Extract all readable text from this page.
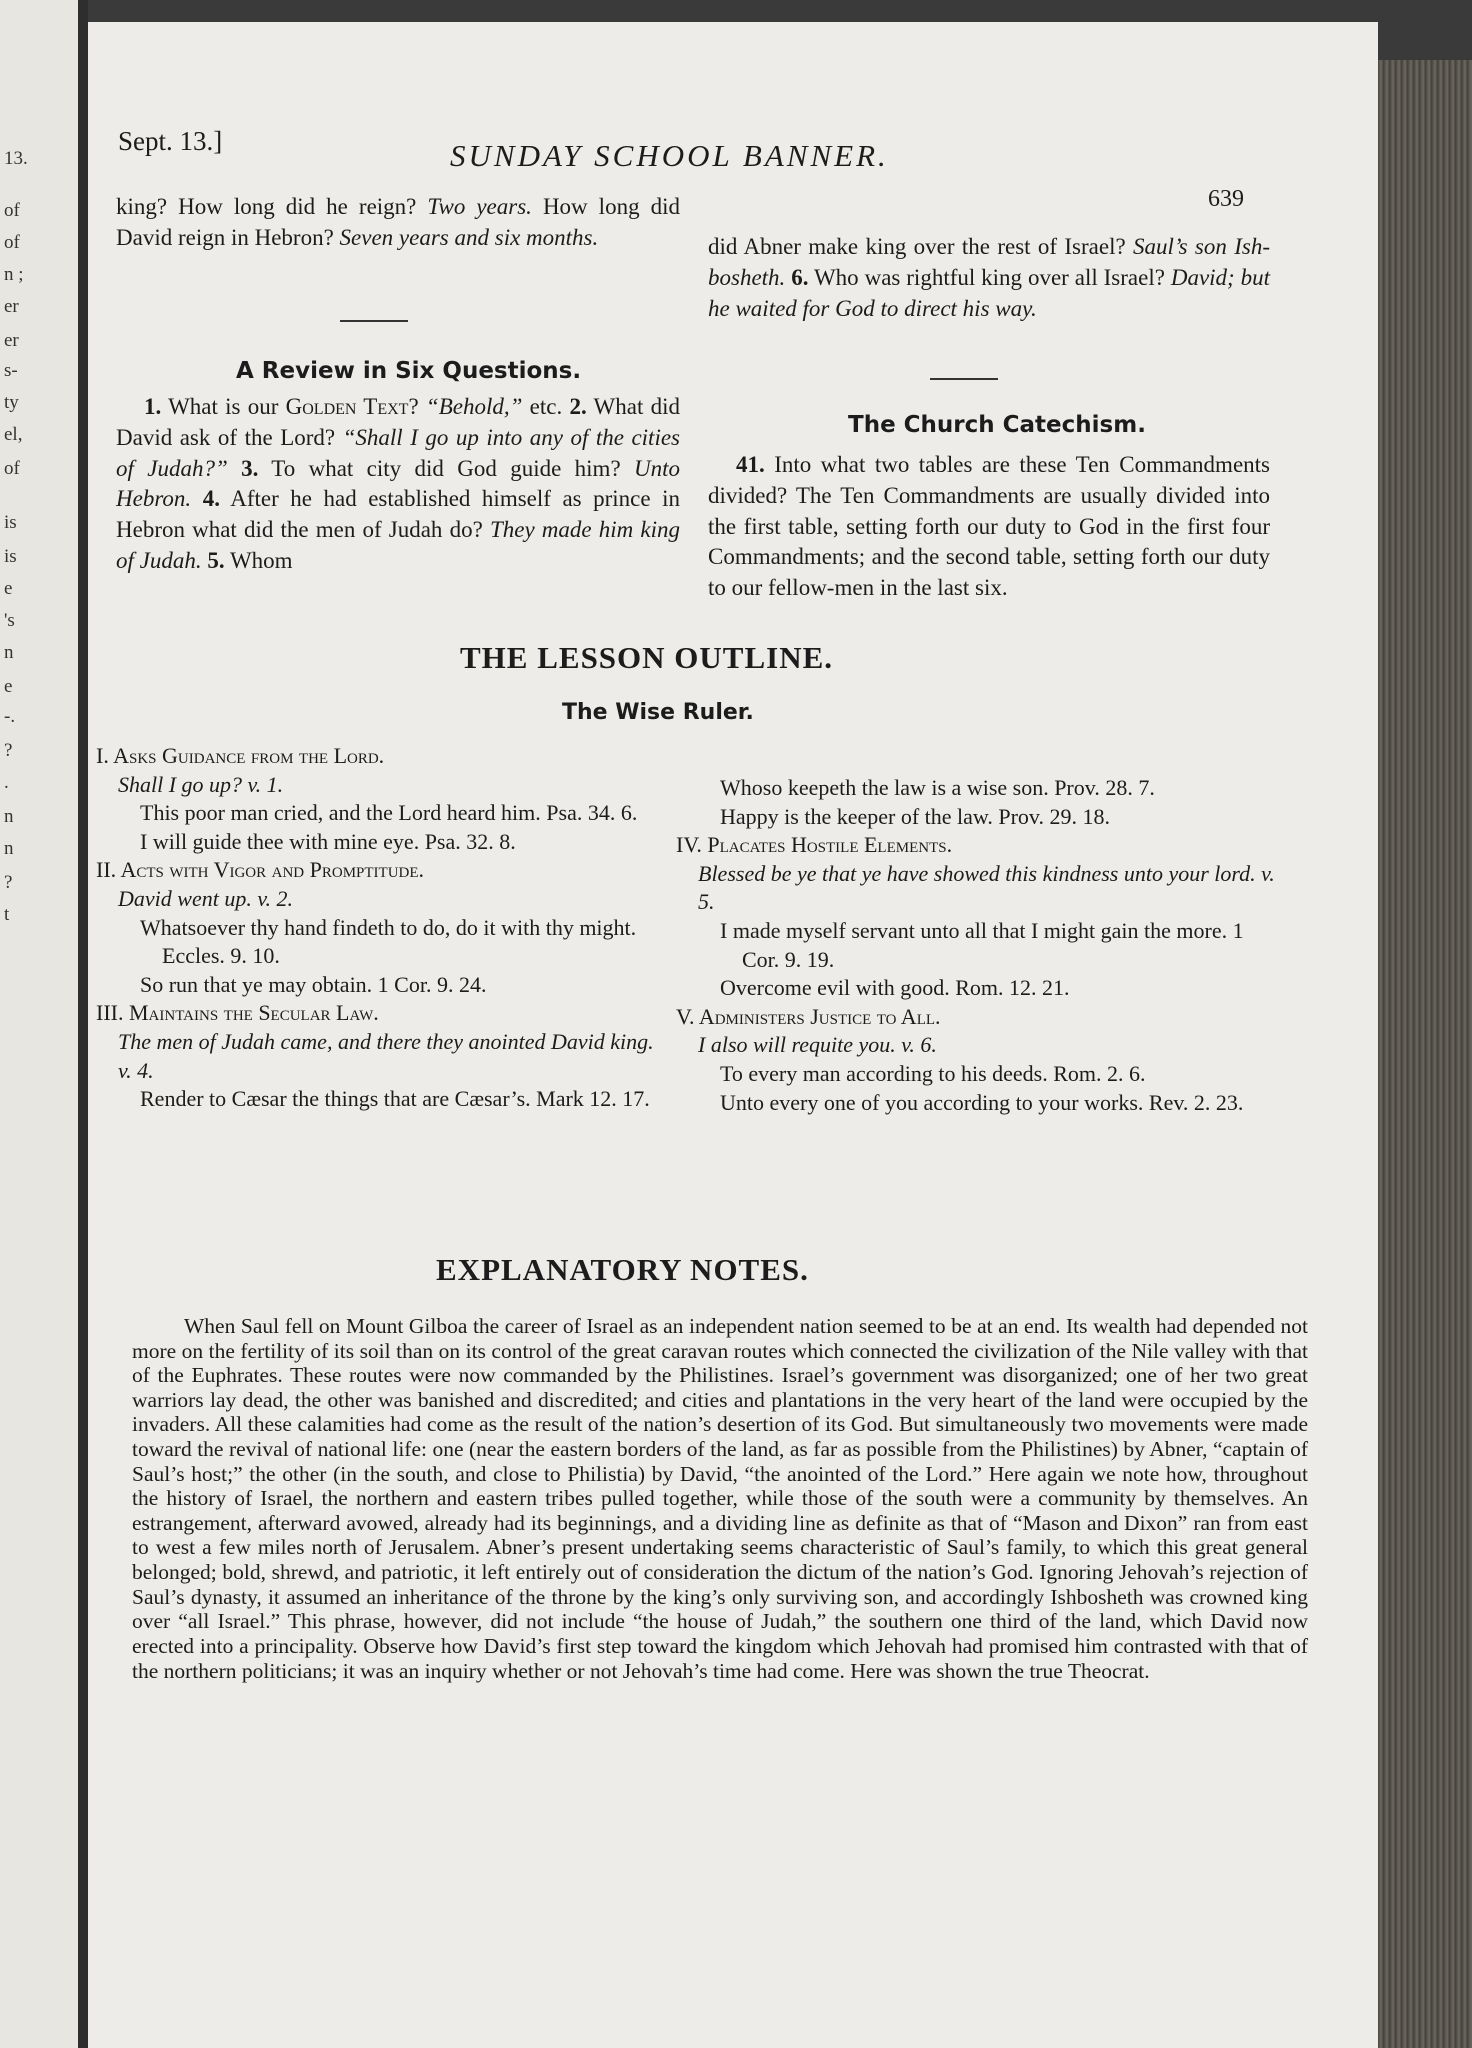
13.
of
of
n ;
er
er
s-
ty
el,
of
is
is
e
's
n
e
-.
?
.
n
n
?
t
Sept. 13.]	SUNDAY SCHOOL BANNER.
639

king? How long did he reign? Two years. How long did David reign in Hebron? Seven years and six months.

A Review in Six Questions.

1. What is our Golden Text? “Behold,” etc. 2. What did David ask of the Lord? “Shall I go up into any of the cities of Judah?” 3. To what city did God guide him? Unto Hebron. 4. After he had established himself as prince in Hebron what did the men of Judah do? They made him king of Judah. 5. Whom

did Abner make king over the rest of Israel? Saul’s son Ish-bosheth. 6. Who was rightful king over all Israel? David; but he waited for God to direct his way.

The Church Catechism.

41. Into what two tables are these Ten Commandments divided? The Ten Commandments are usually divided into the first table, setting forth our duty to God in the first four Commandments; and the second table, setting forth our duty to our fellow-men in the last six.

THE LESSON OUTLINE.
The Wise Ruler.

I. Asks Guidance from the Lord.

Shall I go up? v. 1.

This poor man cried, and the Lord heard him. Psa. 34. 6.

I will guide thee with mine eye. Psa. 32. 8.

II. Acts with Vigor and Promptitude.

David went up. v. 2.

Whatsoever thy hand findeth to do, do it with thy might. Eccles. 9. 10.

So run that ye may obtain. 1 Cor. 9. 24.

III. Maintains the Secular Law.

The men of Judah came, and there they anointed David king. v. 4.

Render to Cæsar the things that are Cæsar’s. Mark 12. 17.

Whoso keepeth the law is a wise son. Prov. 28. 7.

Happy is the keeper of the law. Prov. 29. 18.

IV. Placates Hostile Elements.

Blessed be ye that ye have showed this kindness unto your lord. v. 5.

I made myself servant unto all that I might gain the more. 1 Cor. 9. 19.

Overcome evil with good. Rom. 12. 21.

V. Administers Justice to All.

I also will requite you. v. 6.

To every man according to his deeds. Rom. 2. 6.

Unto every one of you according to your works. Rev. 2. 23.

EXPLANATORY NOTES.

When Saul fell on Mount Gilboa the career of Israel as an independent nation seemed to be at an end. Its wealth had depended not more on the fertility of its soil than on its control of the great caravan routes which connected the civilization of the Nile valley with that of the Euphrates. These routes were now commanded by the Philistines. Israel’s government was disorganized; one of her two great warriors lay dead, the other was banished and discredited; and cities and plantations in the very heart of the land were occupied by the invaders. All these calamities had come as the result of the nation’s desertion of its God. But simultaneously two movements were made toward the revival of national life: one (near the eastern borders of the land, as far as possible from the Philistines) by Abner, “captain of Saul’s host;” the other (in the south, and close to Philistia) by David, “the anointed of the Lord.” Here again we note how, throughout the history of Israel, the northern and eastern tribes pulled together, while those of the south were a community by themselves. An estrangement, afterward avowed, already had its beginnings, and a dividing line as definite as that of “Mason and Dixon” ran from east to west a few miles north of Jerusalem. Abner’s present undertaking seems characteristic of Saul’s family, to which this great general belonged; bold, shrewd, and patriotic, it left entirely out of consideration the dictum of the nation’s God. Ignoring Jehovah’s rejection of Saul’s dynasty, it assumed an inheritance of the throne by the king’s only surviving son, and accordingly Ishbosheth was crowned king over “all Israel.” This phrase, however, did not include “the house of Judah,” the southern one third of the land, which David now erected into a principality. Observe how David’s first step toward the kingdom which Jehovah had promised him contrasted with that of the northern politicians; it was an inquiry whether or not Jehovah’s time had come. Here was shown the true Theocrat.
